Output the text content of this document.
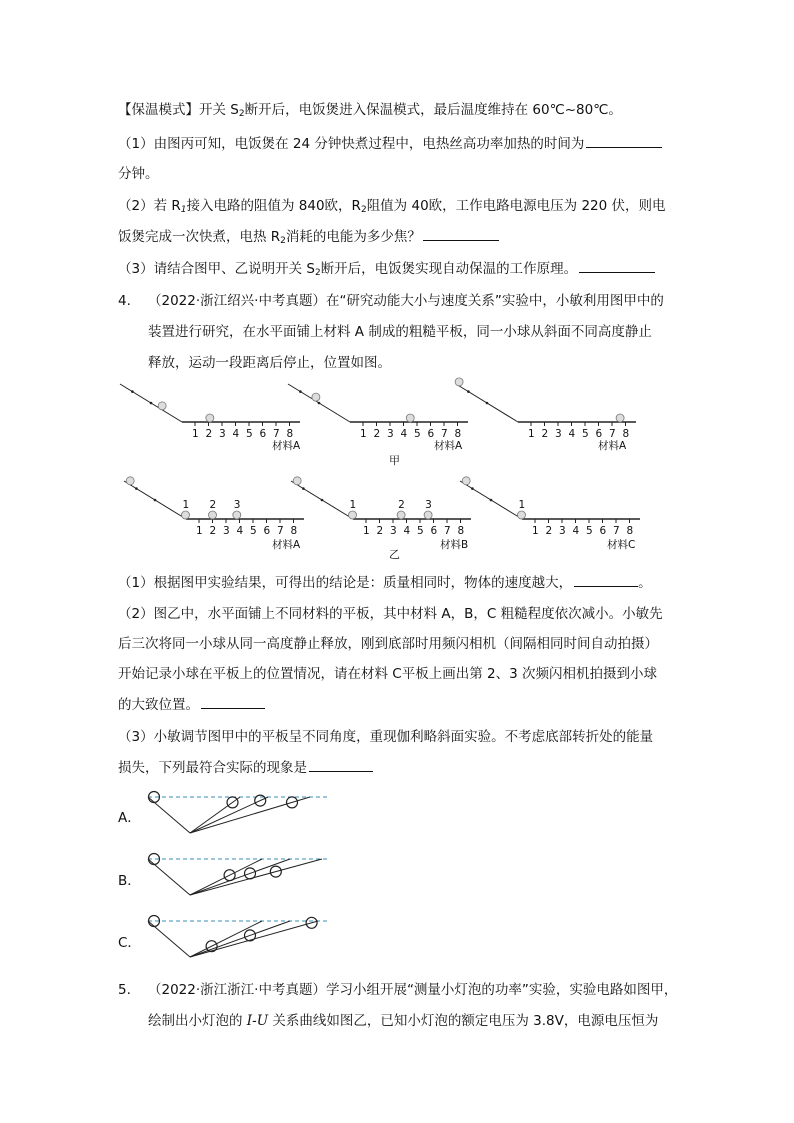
【保温模式】开关 $S_2$断开后，电饭煲进入保温模式，最后温度维持在 60℃~80℃。
（1）由图丙可知，电饭煲在 24 分钟快煮过程中，电热丝高功率加热的时间为
分钟。
（2）若 $R_1$接入电路的阻值为 840欧，$R_2$阻值为 40欧，工作电路电源电压为 220 伏，则电
饭煲完成一次快煮，电热 $R_2$消耗的电能为多少焦？
（3）请结合图甲、乙说明开关 $S_2$断开后，电饭煲实现自动保温的工作原理。
4. （2022·浙江绍兴·中考真题）在“研究动能大小与速度关系”实验中，小敏利用图甲中的
装置进行研究，在水平面铺上材料 A 制成的粗糙平板，同一小球从斜面不同高度静止
释放，运动一段距离后停止，位置如图。
1 2 3 4 5 6 7 8	1 2 3 4 5 6 7 8	1 2 3 4 5 6 7 8
1 2 3 4 5 6 7 8
1 2 3
1 2 3 4 5 6 7 8
1	2 3
1 2 3 4 5 6 7 8
1
甲
乙
材料A	材料A	材料A
材料A	材料B	材料C
（1）根据图甲实验结果，可得出的结论是：质量相同时，物体的速度越大，	。
（2）图乙中，水平面铺上不同材料的平板，其中材料 A，B，C 粗糙程度依次减小。小敏先
后三次将同一小球从同一高度静止释放，刚到底部时用频闪相机（间隔相同时间自动拍摄）
开始记录小球在平板上的位置情况，请在材料 C平板上画出第 2、3 次频闪相机拍摄到小球
的大致位置。
（3）小敏调节图甲中的平板呈不同角度，重现伽利略斜面实验。不考虑底部转折处的能量
损失，下列最符合实际的现象是
A．
B．
C．
5. （2022·浙江浙江·中考真题）学习小组开展“测量小灯泡的功率”实验，实验电路如图甲，
绘制出小灯泡的 I-U 关系曲线如图乙，已知小灯泡的额定电压为 3.8V，电源电压恒为
